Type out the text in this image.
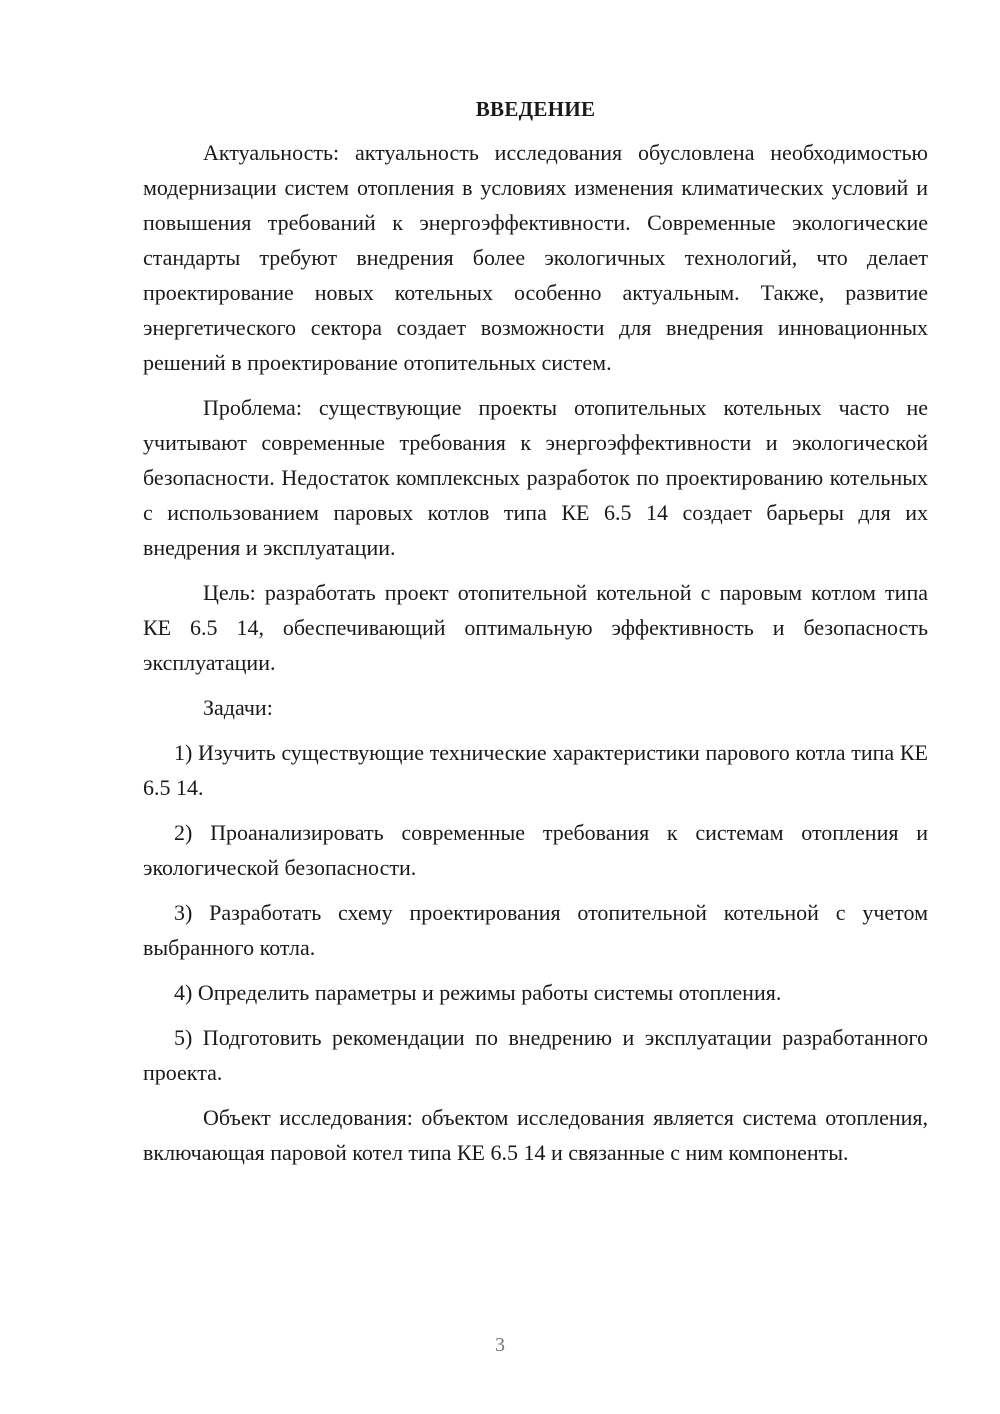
ВВЕДЕНИЕ

Актуальность: актуальность исследования обусловлена необходимостью модернизации систем отопления в условиях изменения климатических условий и повышения требований к энергоэффективности. Современные экологические стандарты требуют внедрения более экологичных технологий, что делает проектирование новых котельных особенно актуальным. Также, развитие энергетического сектора создает возможности для внедрения инновационных решений в проектирование отопительных систем.

Проблема: существующие проекты отопительных котельных часто не учитывают современные требования к энергоэффективности и экологической безопасности. Недостаток комплексных разработок по проектированию котельных с использованием паровых котлов типа КЕ 6.5 14 создает барьеры для их внедрения и эксплуатации.

Цель: разработать проект отопительной котельной с паровым котлом типа КЕ 6.5 14, обеспечивающий оптимальную эффективность и безопасность эксплуатации.

Задачи:

1) Изучить существующие технические характеристики парового котла типа КЕ 6.5 14.

2) Проанализировать современные требования к системам отопления и экологической безопасности.

3) Разработать схему проектирования отопительной котельной с учетом выбранного котла.

4) Определить параметры и режимы работы системы отопления.

5) Подготовить рекомендации по внедрению и эксплуатации разработанного проекта.

Объект исследования: объектом исследования является система отопления, включающая паровой котел типа КЕ 6.5 14 и связанные с ним компоненты.

3
